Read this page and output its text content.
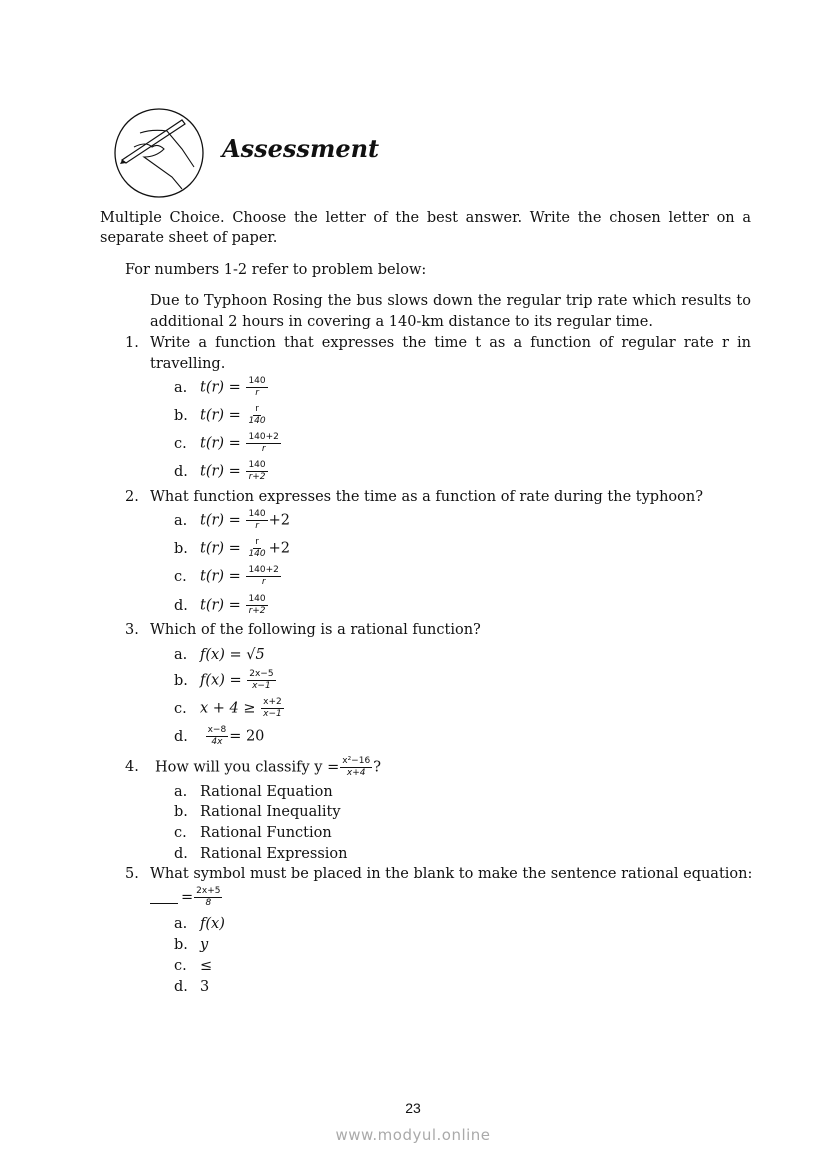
Assessment
Multiple Choice. Choose the letter of the best answer. Write the chosen letter on a
separate sheet of paper.
For numbers 1-2 refer to problem below:
Due to Typhoon Rosing the bus slows down the regular trip rate which results to
additional 2 hours in covering a 140-km distance to its regular time.
1. Write a function that expresses the time t as a function of regular rate r in
travelling.
a. $t(r) = \frac{140}{r}$
b. $t(r) = \frac{r}{140}$
c. $t(r) = \frac{140+2}{r}$
d. $t(r) = \frac{140}{r+2}$
2. What function expresses the time as a function of rate during the typhoon?
a. $t(r) = \frac{140}{r} +2$
b. $t(r) = \frac{r}{140} +2$
c. $t(r) = \frac{140+2}{r}$
d. $t(r) = \frac{140}{r+2}$
3. Which of the following is a rational function?
a. f(x) = √5
b. $f(x) = \frac{2x-5}{x-1}$
c. $x + 4 \ge \frac{x+2}{x-1}$
d. $\frac{x-8}{4x} = 20$
4. How will you classify $y = \frac{\text{x²−16}}{x+4}$ ?
a. Rational Equation
b. Rational Inequality
c. Rational Function
d. Rational Expression
5. What symbol must be placed in the blank to make the sentence rational equation:
= $\frac{2x+5}{8}$
a. f(x)
b. y
c. ≤
d. 3
23
www.modyul.online
